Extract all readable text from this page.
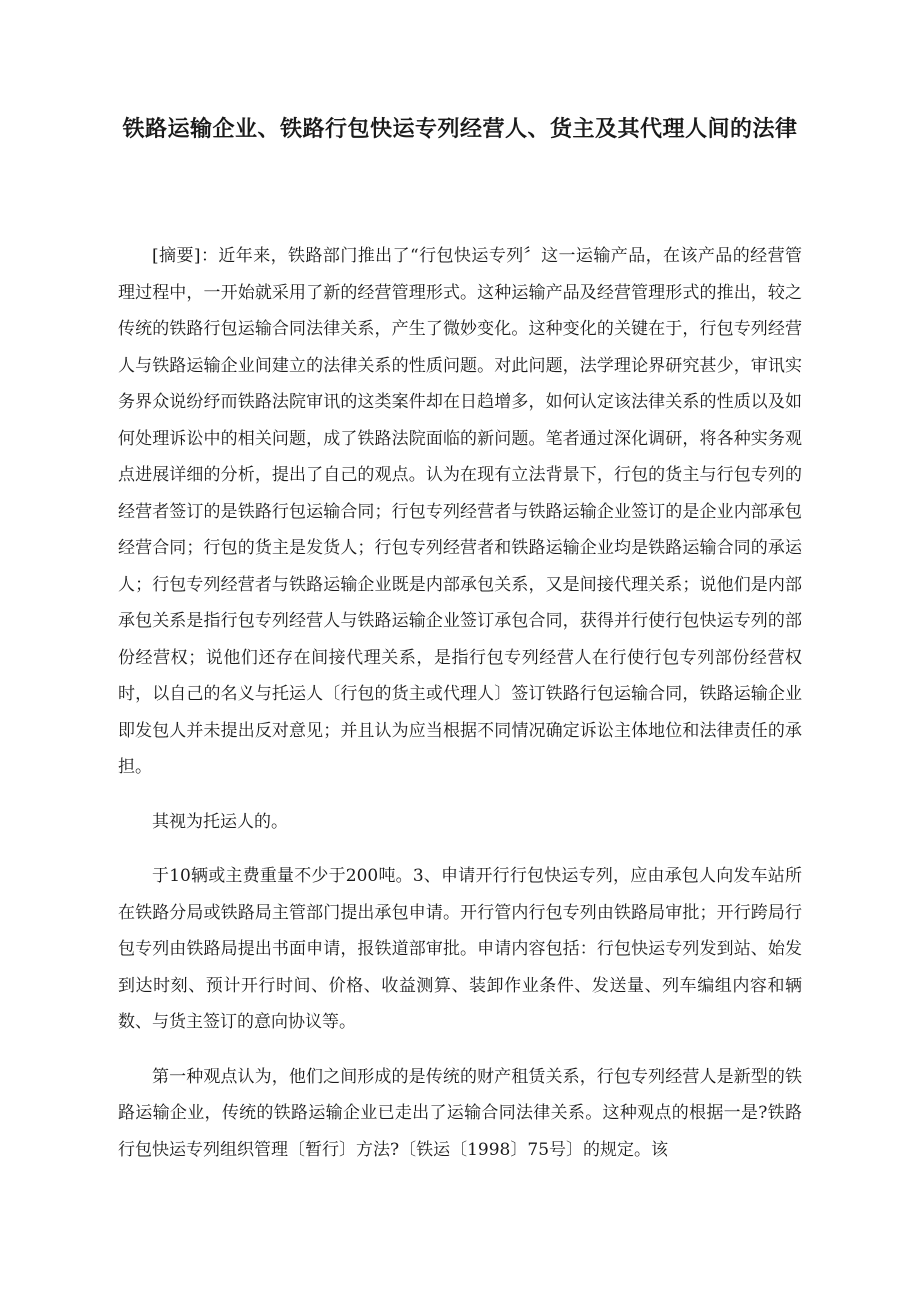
铁路运输企业、铁路行包快运专列经营人、货主及其代理人间的法律

[摘要]：近年来，铁路部门推出了“行包快运专列〞这一运输产品，在该产品的经营管理过程中，一开始就采用了新的经营管理形式。这种运输产品及经营管理形式的推出，较之传统的铁路行包运输合同法律关系，产生了微妙变化。这种变化的关键在于，行包专列经营人与铁路运输企业间建立的法律关系的性质问题。对此问题，法学理论界研究甚少，审讯实务界众说纷纾而铁路法院审讯的这类案件却在日趋增多，如何认定该法律关系的性质以及如何处理诉讼中的相关问题，成了铁路法院面临的新问题。笔者通过深化调研，将各种实务观点进展详细的分析，提出了自己的观点。认为在现有立法背景下，行包的货主与行包专列的经营者签订的是铁路行包运输合同；行包专列经营者与铁路运输企业签订的是企业内部承包经营合同；行包的货主是发货人；行包专列经营者和铁路运输企业均是铁路运输合同的承运人；行包专列经营者与铁路运输企业既是内部承包关系，又是间接代理关系；说他们是内部承包关系是指行包专列经营人与铁路运输企业签订承包合同，获得并行使行包快运专列的部份经营权；说他们还存在间接代理关系，是指行包专列经营人在行使行包专列部份经营权时，以自己的名义与托运人〔行包的货主或代理人〕签订铁路行包运输合同，铁路运输企业即发包人并未提出反对意见；并且认为应当根据不同情况确定诉讼主体地位和法律责任的承担。

其视为托运人的。

于10辆或主费重量不少于200吨。3、申请开行行包快运专列，应由承包人向发车站所在铁路分局或铁路局主管部门提出承包申请。开行管内行包专列由铁路局审批；开行跨局行包专列由铁路局提出书面申请，报铁道部审批。申请内容包括：行包快运专列发到站、始发到达时刻、预计开行时间、价格、收益测算、装卸作业条件、发送量、列车编组内容和辆数、与货主签订的意向协议等。

第一种观点认为，他们之间形成的是传统的财产租赁关系，行包专列经营人是新型的铁路运输企业，传统的铁路运输企业已走出了运输合同法律关系。这种观点的根据一是?铁路行包快运专列组织管理〔暂行〕方法?〔铁运〔1998〕75号〕的规定。该
